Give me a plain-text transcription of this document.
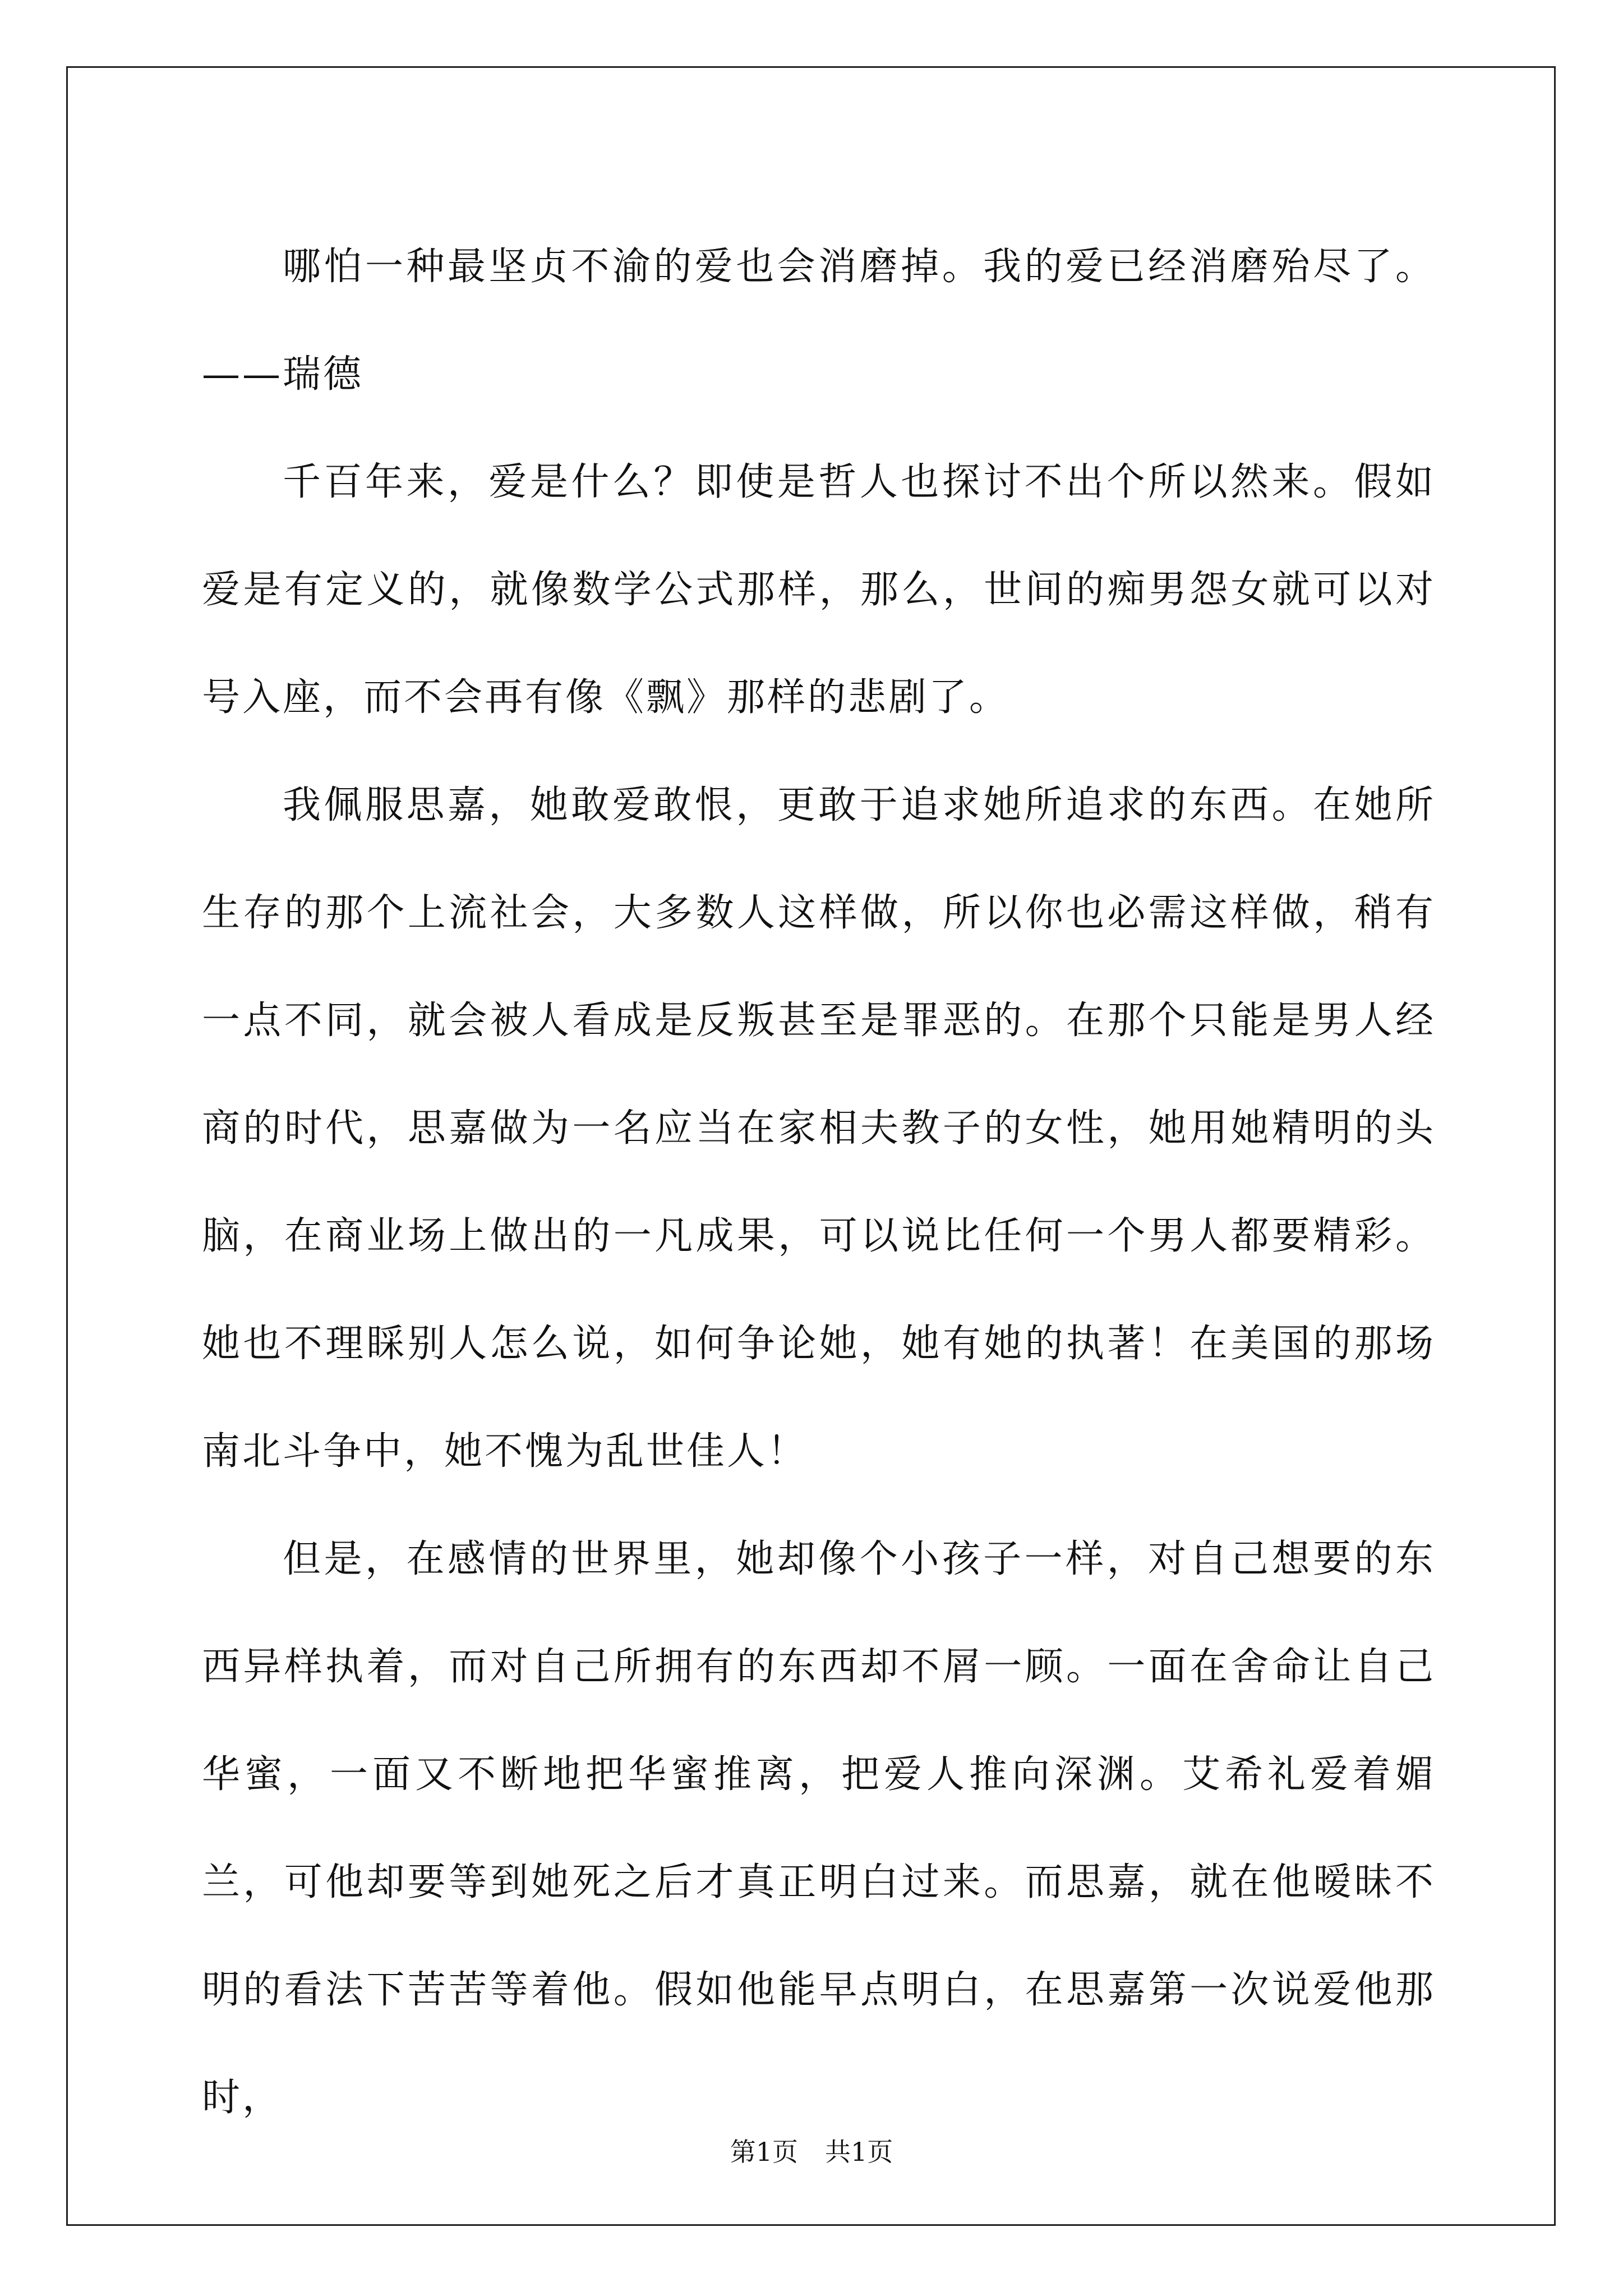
哪怕一种最坚贞不渝的爱也会消磨掉。我的爱已经消磨殆尽了。——瑞德

千百年来，爱是什么？即使是哲人也探讨不出个所以然来。假如爱是有定义的，就像数学公式那样，那么，世间的痴男怨女就可以对号入座，而不会再有像《飘》那样的悲剧了。

我佩服思嘉，她敢爱敢恨，更敢于追求她所追求的东西。在她所生存的那个上流社会，大多数人这样做，所以你也必需这样做，稍有一点不同，就会被人看成是反叛甚至是罪恶的。在那个只能是男人经商的时代，思嘉做为一名应当在家相夫教子的女性，她用她精明的头脑，在商业场上做出的一凡成果，可以说比任何一个男人都要精彩。她也不理睬别人怎么说，如何争论她，她有她的执著！在美国的那场南北斗争中，她不愧为乱世佳人！

但是，在感情的世界里，她却像个小孩子一样，对自己想要的东西异样执着，而对自己所拥有的东西却不屑一顾。一面在舍命让自己华蜜，一面又不断地把华蜜推离，把爱人推向深渊。艾希礼爱着媚兰，可他却要等到她死之后才真正明白过来。而思嘉，就在他暧昧不明的看法下苦苦等着他。假如他能早点明白，在思嘉第一次说爱他那时，

第1页 共1页
